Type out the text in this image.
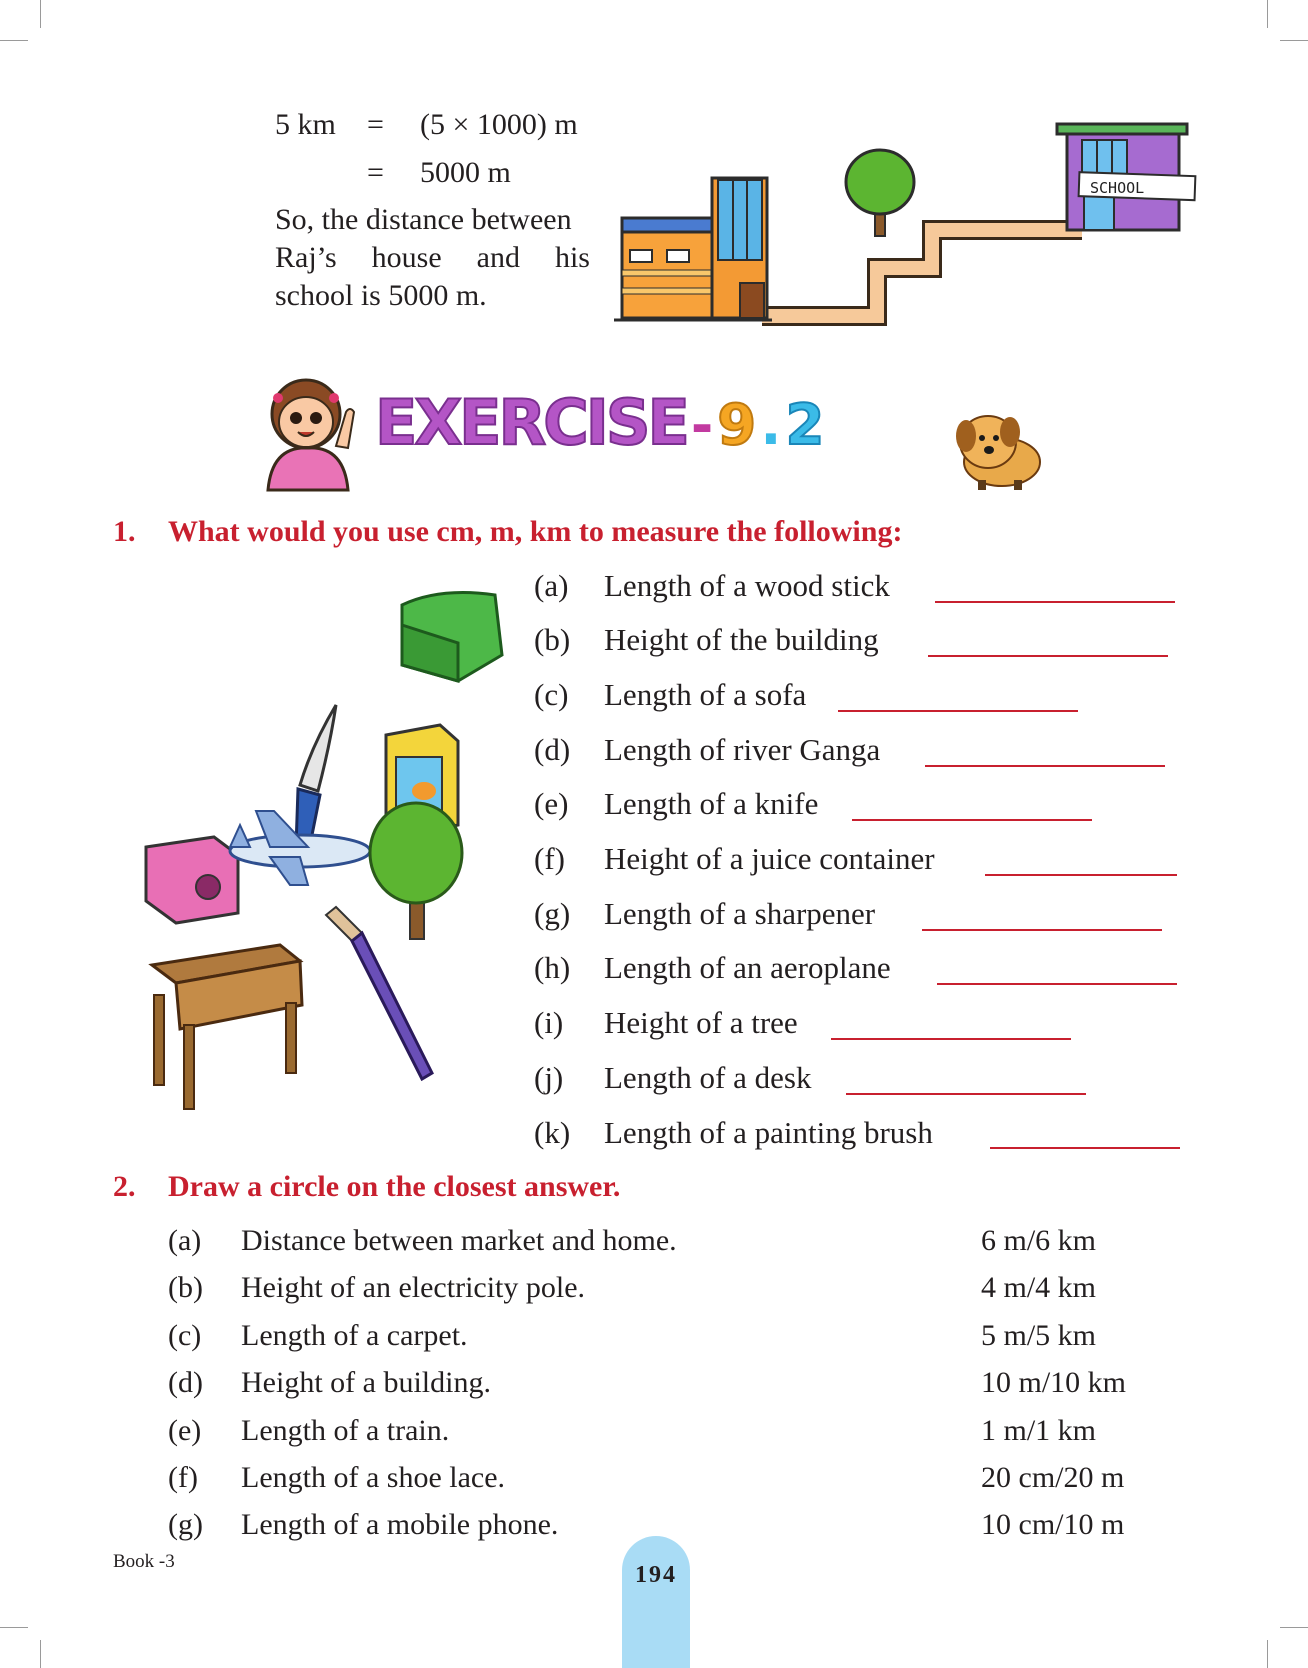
5 km = (5 × 1000) m
= 5000 m
So, the distance between
Raj’s house and his
school is 5000 m.
SCHOOL
EXERCISE - 9 . 2
1. What would you use cm, m, km to measure the following:
(a) Length of a wood stick
(b) Height of the building
(c) Length of a sofa
(d) Length of river Ganga
(e) Length of a knife
(f) Height of a juice container
(g) Length of a sharpener
(h) Length of an aeroplane
(i) Height of a tree
(j) Length of a desk
(k) Length of a painting brush
2. Draw a circle on the closest answer.
(a) Distance between market and home.	6 m/6 km
(b) Height of an electricity pole.	4 m/4 km
(c) Length of a carpet.	5 m/5 km
(d) Height of a building.	10 m/10 km
(e) Length of a train.	1 m/1 km
(f) Length of a shoe lace.	20 cm/20 m
(g) Length of a mobile phone.	10 cm/10 m
Book -3
194
